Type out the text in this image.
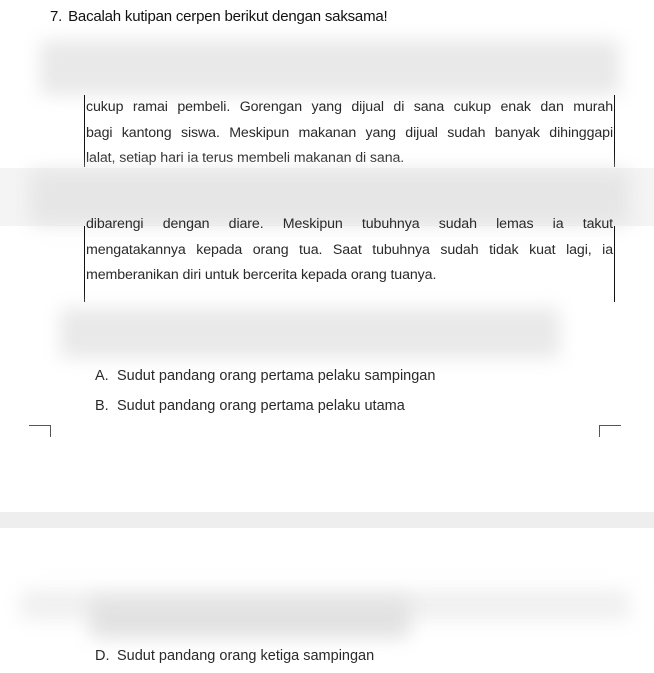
7. Bacalah kutipan cerpen berikut dengan saksama!
cukup ramai pembeli. Gorengan yang dijual di sana cukup enak dan murah
bagi kantong siswa. Meskipun makanan yang dijual sudah banyak dihinggapi
lalat, setiap hari ia terus membeli makanan di sana.
dibarengi dengan diare. Meskipun tubuhnya sudah lemas ia takut
mengatakannya kepada orang tua. Saat tubuhnya sudah tidak kuat lagi, ia
memberanikan diri untuk bercerita kepada orang tuanya.
A. Sudut pandang orang pertama pelaku sampingan
B. Sudut pandang orang pertama pelaku utama
D. Sudut pandang orang ketiga sampingan
